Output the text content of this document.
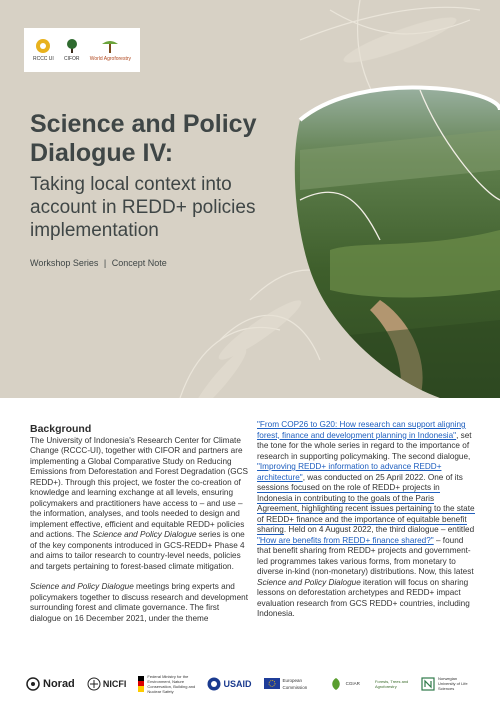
RCCC UI CIFOR World Agroforestry
Science and Policy Dialogue IV:
Taking local context into account in REDD+ policies implementation
Workshop Series | Concept Note
Background

The University of Indonesia's Research Center for Climate Change (RCCC-UI), together with CIFOR and partners are implementing a Global Comparative Study on Reducing Emissions from Deforestation and Forest Degradation (GCS REDD+). Through this project, we foster the co-creation of knowledge and learning exchange at all levels, ensuring policymakers and practitioners have access to – and use – the information, analyses, and tools needed to design and implement effective, efficient and equitable REDD+ policies and actions. The Science and Policy Dialogue series is one of the key components introduced in GCS-REDD+ Phase 4 and aims to tailor research to country-level needs, policies and targets pertaining to forest-based climate mitigation.

Science and Policy Dialogue meetings bring experts and policymakers together to discuss research and development surrounding forest and climate governance. The first dialogue on 16 December 2021, under the theme

"From COP26 to G20: How research can support aligning forest, finance and development planning in Indonesia", set the tone for the whole series in regard to the importance of research in supporting policymaking. The second dialogue, "Improving REDD+ information to advance REDD+ architecture", was conducted on 25 April 2022. One of its sessions focused on the role of REDD+ projects in Indonesia in contributing to the goals of the Paris Agreement, highlighting recent issues pertaining to the state of REDD+ finance and the importance of equitable benefit sharing. Held on 4 August 2022, the third dialogue – entitled "How are benefits from REDD+ finance shared?" – found that benefit sharing from REDD+ projects and government-led programmes takes various forms, from monetary to diverse in-kind (non-monetary) distributions. Now, this latest Science and Policy Dialogue iteration will focus on sharing lessons on deforestation archetypes and REDD+ impact evaluation research from GCS REDD+ countries, including Indonesia.

Norad	NICFI
Federal Ministry for the Environment, Nature Conservation, Building and Nuclear Safety
USAID	European Commission
CGIAR	Forests, Trees and Agroforestry
Norwegian University of Life Sciences
